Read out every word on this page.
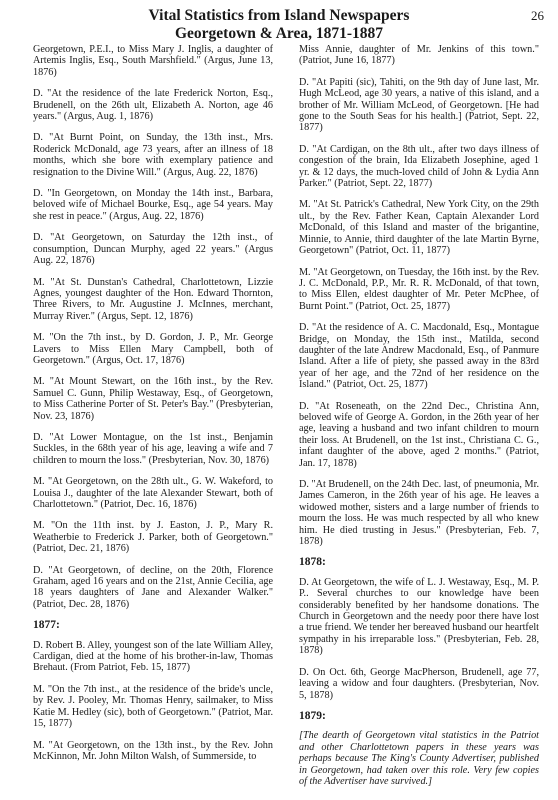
Vital Statistics from Island Newspapers
Georgetown & Area, 1871-1887
26
Georgetown, P.E.I., to Miss Mary J. Inglis, a daughter of Artemis Inglis, Esq., South Marshfield." (Argus, June 13, 1876)
D. "At the residence of the late Frederick Norton, Esq., Brudenell, on the 26th ult, Elizabeth A. Norton, age 46 years." (Argus, Aug. 1, 1876)
D. "At Burnt Point, on Sunday, the 13th inst., Mrs. Roderick McDonald, age 73 years, after an illness of 18 months, which she bore with exemplary patience and resignation to the Divine Will." (Argus, Aug. 22, 1876)
D. "In Georgetown, on Monday the 14th inst., Barbara, beloved wife of Michael Bourke, Esq., age 54 years. May she rest in peace." (Argus, Aug. 22, 1876)
D. "At Georgetown, on Saturday the 12th inst., of consumption, Duncan Murphy, aged 22 years." (Argus Aug. 22, 1876)
M. "At St. Dunstan's Cathedral, Charlottetown, Lizzie Agnes, youngest daughter of the Hon. Edward Thornton, Three Rivers, to Mr. Augustine J. McInnes, merchant, Murray River." (Argus, Sept. 12, 1876)
M. "On the 7th inst., by D. Gordon, J. P., Mr. George Lavers to Miss Ellen Mary Campbell, both of Georgetown." (Argus, Oct. 17, 1876)
M. "At Mount Stewart, on the 16th inst., by the Rev. Samuel C. Gunn, Philip Westaway, Esq., of Georgetown, to Miss Catherine Porter of St. Peter's Bay." (Presbyterian, Nov. 23, 1876)
D. "At Lower Montague, on the 1st inst., Benjamin Suckles, in the 68th year of his age, leaving a wife and 7 children to mourn the loss." (Presbyterian, Nov. 30, 1876)
M. "At Georgetown, on the 28th ult., G. W. Wakeford, to Louisa J., daughter of the late Alexander Stewart, both of Charlottetown." (Patriot, Dec. 16, 1876)
M. "On the 11th inst. by J. Easton, J. P., Mary R. Weatherbie to Frederick J. Parker, both of Georgetown." (Patriot, Dec. 21, 1876)
D. "At Georgetown, of decline, on the 20th, Florence Graham, aged 16 years and on the 21st, Annie Cecilia, age 18 years daughters of Jane and Alexander Walker." (Patriot, Dec. 28, 1876)
1877:
D. Robert B. Alley, youngest son of the late William Alley, Cardigan, died at the home of his brother-in-law, Thomas Brehaut. (From Patriot, Feb. 15, 1877)
M. "On the 7th inst., at the residence of the bride's uncle, by Rev. J. Pooley, Mr. Thomas Henry, sailmaker, to Miss Katie M. Hedley (sic), both of Georgetown." (Patriot, Mar. 15, 1877)
M. "At Georgetown, on the 13th inst., by the Rev. John McKinnon, Mr. John Milton Walsh, of Summerside, to
Miss Annie, daughter of Mr. Jenkins of this town." (Patriot, June 16, 1877)
D. "At Papiti (sic), Tahiti, on the 9th day of June last, Mr. Hugh McLeod, age 30 years, a native of this island, and a brother of Mr. William McLeod, of Georgetown. [He had gone to the South Seas for his health.] (Patriot, Sept. 22, 1877)
D. "At Cardigan, on the 8th ult., after two days illness of congestion of the brain, Ida Elizabeth Josephine, aged 1 yr. & 12 days, the much-loved child of John & Lydia Ann Parker." (Patriot, Sept. 22, 1877)
M. "At St. Patrick's Cathedral, New York City, on the 29th ult., by the Rev. Father Kean, Captain Alexander Lord McDonald, of this Island and master of the brigantine, Minnie, to Annie, third daughter of the late Martin Byrne, Georgetown" (Patriot, Oct. 11, 1877)
M. "At Georgetown, on Tuesday, the 16th inst. by the Rev. J. C. McDonald, P.P., Mr. R. R. McDonald, of that town, to Miss Ellen, eldest daughter of Mr. Peter McPhee, of Burnt Point." (Patriot, Oct. 25, 1877)
D. "At the residence of A. C. Macdonald, Esq., Montague Bridge, on Monday, the 15th inst., Matilda, second daughter of the late Andrew Macdonald, Esq., of Panmure Island. After a life of piety, she passed away in the 83rd year of her age, and the 72nd of her residence on the Island." (Patriot, Oct. 25, 1877)
D. "At Roseneath, on the 22nd Dec., Christina Ann, beloved wife of George A. Gordon, in the 26th year of her age, leaving a husband and two infant children to mourn their loss. At Brudenell, on the 1st inst., Christiana C. G., infant daughter of the above, aged 2 months." (Patriot, Jan. 17, 1878)
D. "At Brudenell, on the 24th Dec. last, of pneumonia, Mr. James Cameron, in the 26th year of his age. He leaves a widowed mother, sisters and a large number of friends to mourn the loss. He was much respected by all who knew him. He died trusting in Jesus." (Presbyterian, Feb. 7, 1878)
1878:
D. At Georgetown, the wife of L. J. Westaway, Esq., M. P. P.. Several churches to our knowledge have been considerably benefited by her handsome donations. The Church in Georgetown and the needy poor there have lost a true friend. We tender her bereaved husband our heartfelt sympathy in his irreparable loss." (Presbyterian, Feb. 28, 1878)
D. On Oct. 6th, George MacPherson, Brudenell, age 77, leaving a widow and four daughters. (Presbyterian, Nov. 5, 1878)
1879:
[The dearth of Georgetown vital statistics in the Patriot and other Charlottetown papers in these years was perhaps because The King's County Advertiser, published in Georgetown, had taken over this role. Very few copies of the Advertiser have survived.]
